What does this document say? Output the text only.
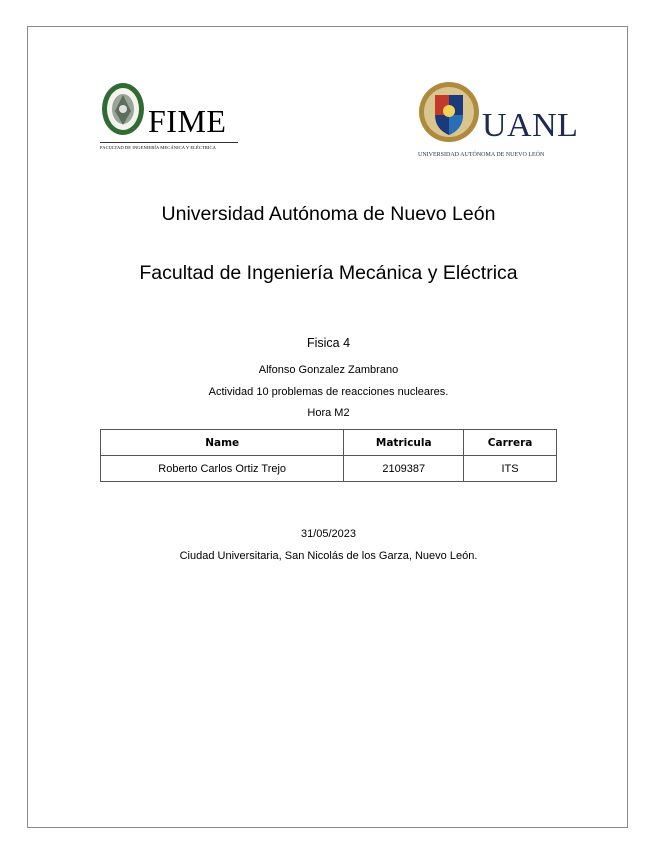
FIME
FACULTAD DE INGENIERÍA MECÁNICA Y ELÉCTRICA
UANL
UNIVERSIDAD AUTÓNOMA DE NUEVO LEÓN
Universidad Autónoma de Nuevo León
Facultad de Ingeniería Mecánica y Eléctrica
Fisica 4
Alfonso Gonzalez Zambrano
Actividad 10 problemas de reacciones nucleares.
Hora M2
Name	Matricula	Carrera
Roberto Carlos Ortiz Trejo	2109387	ITS
31/05/2023
Ciudad Universitaria, San Nicolás de los Garza, Nuevo León.
